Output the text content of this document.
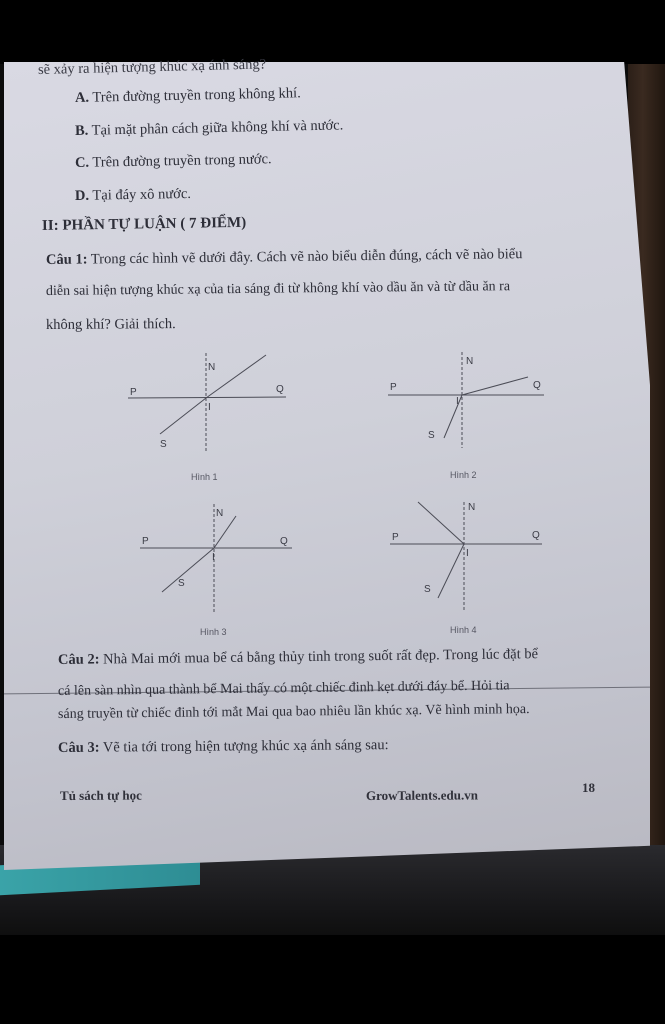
sẽ xảy ra hiện tượng khúc xạ ánh sáng?
A. Trên đường truyền trong không khí.
B. Tại mặt phân cách giữa không khí và nước.
C. Trên đường truyền trong nước.
D. Tại đáy xô nước.
II: PHẦN TỰ LUẬN ( 7 ĐIỂM)
Câu 1: Trong các hình vẽ dưới đây. Cách vẽ nào biểu diễn đúng, cách vẽ nào biểu
diễn sai hiện tượng khúc xạ của tia sáng đi từ không khí vào dầu ăn và từ dầu ăn ra
không khí? Giải thích.
N
P	Q
S
I
Hình 1
N
P	Q
S
I
Hình 2
N
P	Q
S
I
Hình 3
N
P	Q
S
I
Hình 4
Câu 2: Nhà Mai mới mua bể cá bằng thủy tinh trong suốt rất đẹp. Trong lúc đặt bể
cá lên sàn nhìn qua thành bể Mai thấy có một chiếc đinh kẹt dưới đáy bể. Hỏi tia
sáng truyền từ chiếc đinh tới mắt Mai qua bao nhiêu lần khúc xạ. Vẽ hình minh họa.
Câu 3: Vẽ tia tới trong hiện tượng khúc xạ ánh sáng sau:
Tủ sách tự học	GrowTalents.edu.vn	18
